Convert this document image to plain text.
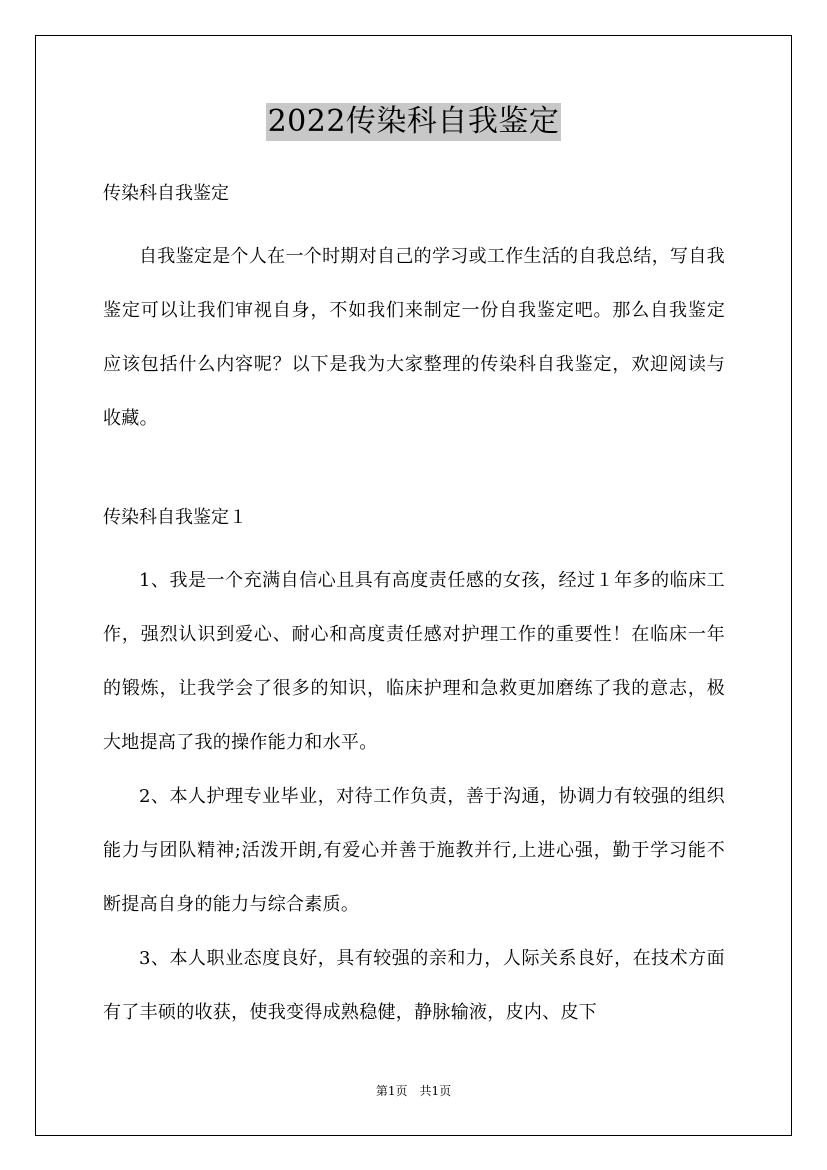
2022传染科自我鉴定
传染科自我鉴定

自我鉴定是个人在一个时期对自己的学习或工作生活的自我总结，写自我鉴定可以让我们审视自身，不如我们来制定一份自我鉴定吧。那么自我鉴定应该包括什么内容呢？以下是我为大家整理的传染科自我鉴定，欢迎阅读与收藏。

传染科自我鉴定１

1、我是一个充满自信心且具有高度责任感的女孩，经过１年多的临床工作，强烈认识到爱心、耐心和高度责任感对护理工作的重要性！在临床一年的锻炼，让我学会了很多的知识，临床护理和急救更加磨练了我的意志，极大地提高了我的操作能力和水平。

2、本人护理专业毕业，对待工作负责，善于沟通，协调力有较强的组织能力与团队精神;活泼开朗,有爱心并善于施教并行,上进心强，勤于学习能不断提高自身的能力与综合素质。

3、本人职业态度良好，具有较强的亲和力，人际关系良好，在技术方面有了丰硕的收获，使我变得成熟稳健，静脉输液，皮内、皮下

第1页 共1页
